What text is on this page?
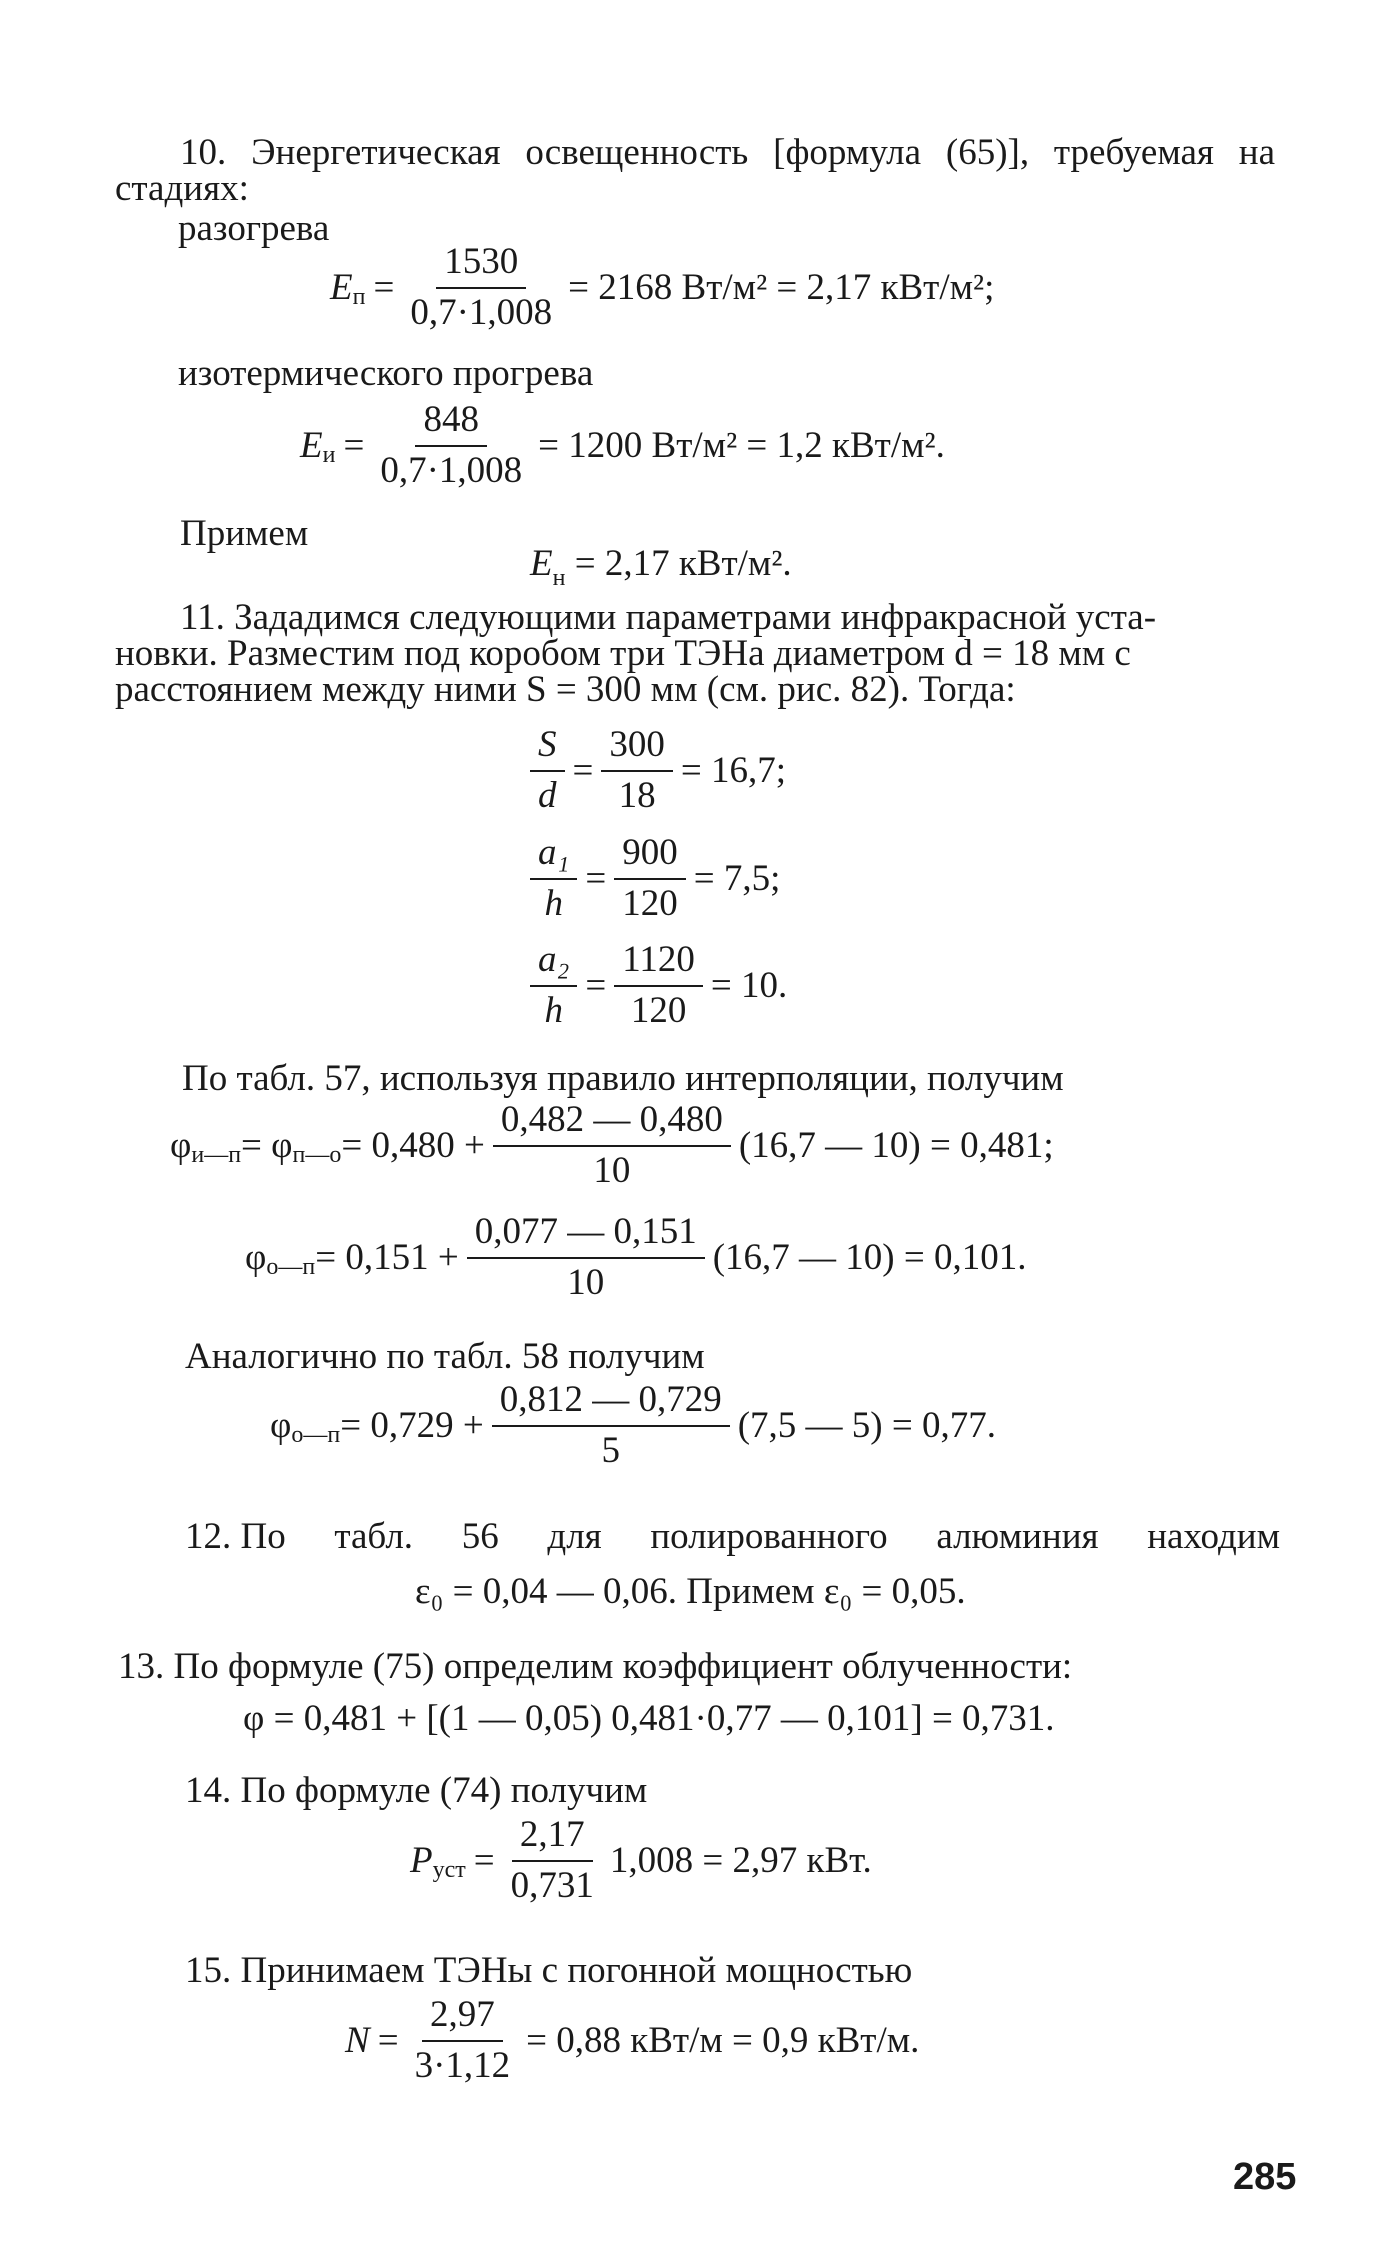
10. Энергетическая освещенность [формула (65)], требуемая на
стадиях:
разогрева
E $п = \frac{1530}{0,7\cdot 1,008} = 2168$ Вт/м² = 2,17 кВт/м²;
изотермического прогрева
E $и = \frac{848}{0,7\cdot 1,008} = 1200$ Вт/м² = 1,2 кВт/м².
Примем
$E_н = 2,17$ кВт/м².
11. Зададимся следующими параметрами инфракрасной уста-
новки. Разместим под коробом три ТЭНа диаметром d = 18 мм с
расстоянием между ними S = 300 мм (см. рис. 82). Тогда:
$\frac{S}{d} = \frac{300}{18} = 16,7$;
$\frac{\text{a₁}}{h} = \frac{900}{120} = 7,5$;
$\frac{\text{a₂}}{h} = \frac{1120}{120} = 10$.
По табл. 57, используя правило интерполяции, получим
φ и—п = φ п—о = $0,480 + \frac{0,482 — 0,480}{10} (16,7$ — 10) = 0,481;
φ о—п = $0,151 + \frac{0,077 — 0,151}{10} (16,7$ — 10) = 0,101.
Аналогично по табл. 58 получим
φ о—п = $0,729 + \frac{0,812 — 0,729}{5} (7,5$ — 5) = 0,77.
12. По табл. 56 для полированного алюминия находим
ε₀ = 0,04 — 0,06. Примем ε₀ = 0,05.
13. По формуле (75) определим коэффициент облученности:
φ = 0,481 + [(1 — 0,05) 0,481·0,77 — 0,101] = 0,731.
14. По формуле (74) получим
P уст = $\frac{2,17}{0,731} 1,008 = 2,97$ кВт.
15. Принимаем ТЭНы с погонной мощностью
$N = \frac{2,97}{3\cdot 1,12} = 0,88$ кВт/м = 0,9 кВт/м.
285
